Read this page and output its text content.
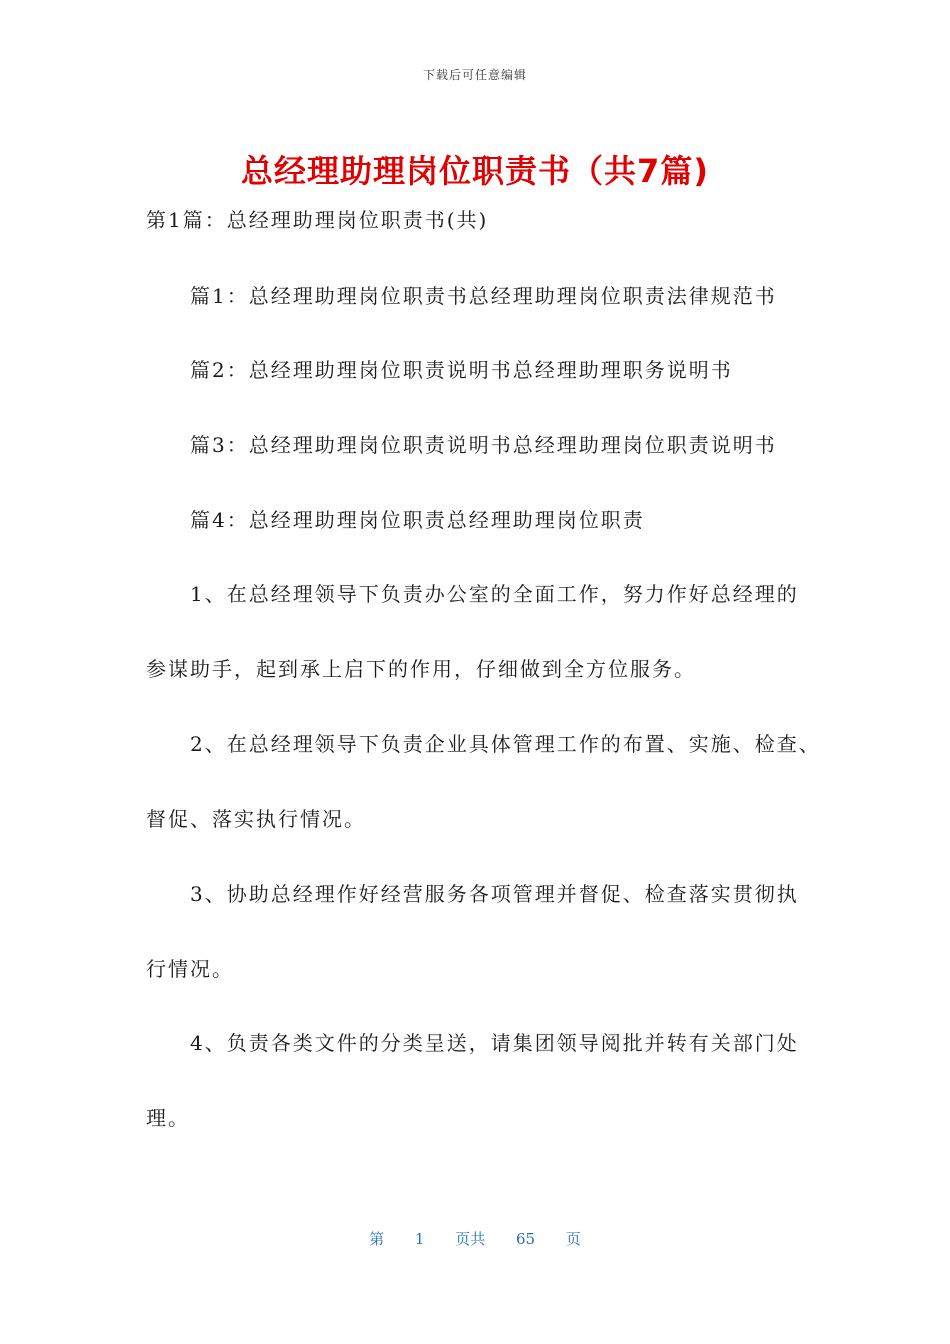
下载后可任意编辑
总经理助理岗位职责书（共7篇)
第1篇：总经理助理岗位职责书(共)
篇1：总经理助理岗位职责书总经理助理岗位职责法律规范书
篇2：总经理助理岗位职责说明书总经理助理职务说明书
篇3：总经理助理岗位职责说明书总经理助理岗位职责说明书
篇4：总经理助理岗位职责总经理助理岗位职责
1、在总经理领导下负责办公室的全面工作，努力作好总经理的
参谋助手，起到承上启下的作用，仔细做到全方位服务。
2、在总经理领导下负责企业具体管理工作的布置、实施、检查、
督促、落实执行情况。
3、协助总经理作好经营服务各项管理并督促、检查落实贯彻执
行情况。
4、负责各类文件的分类呈送，请集团领导阅批并转有关部门处
理。
第 1 页共 65 页
